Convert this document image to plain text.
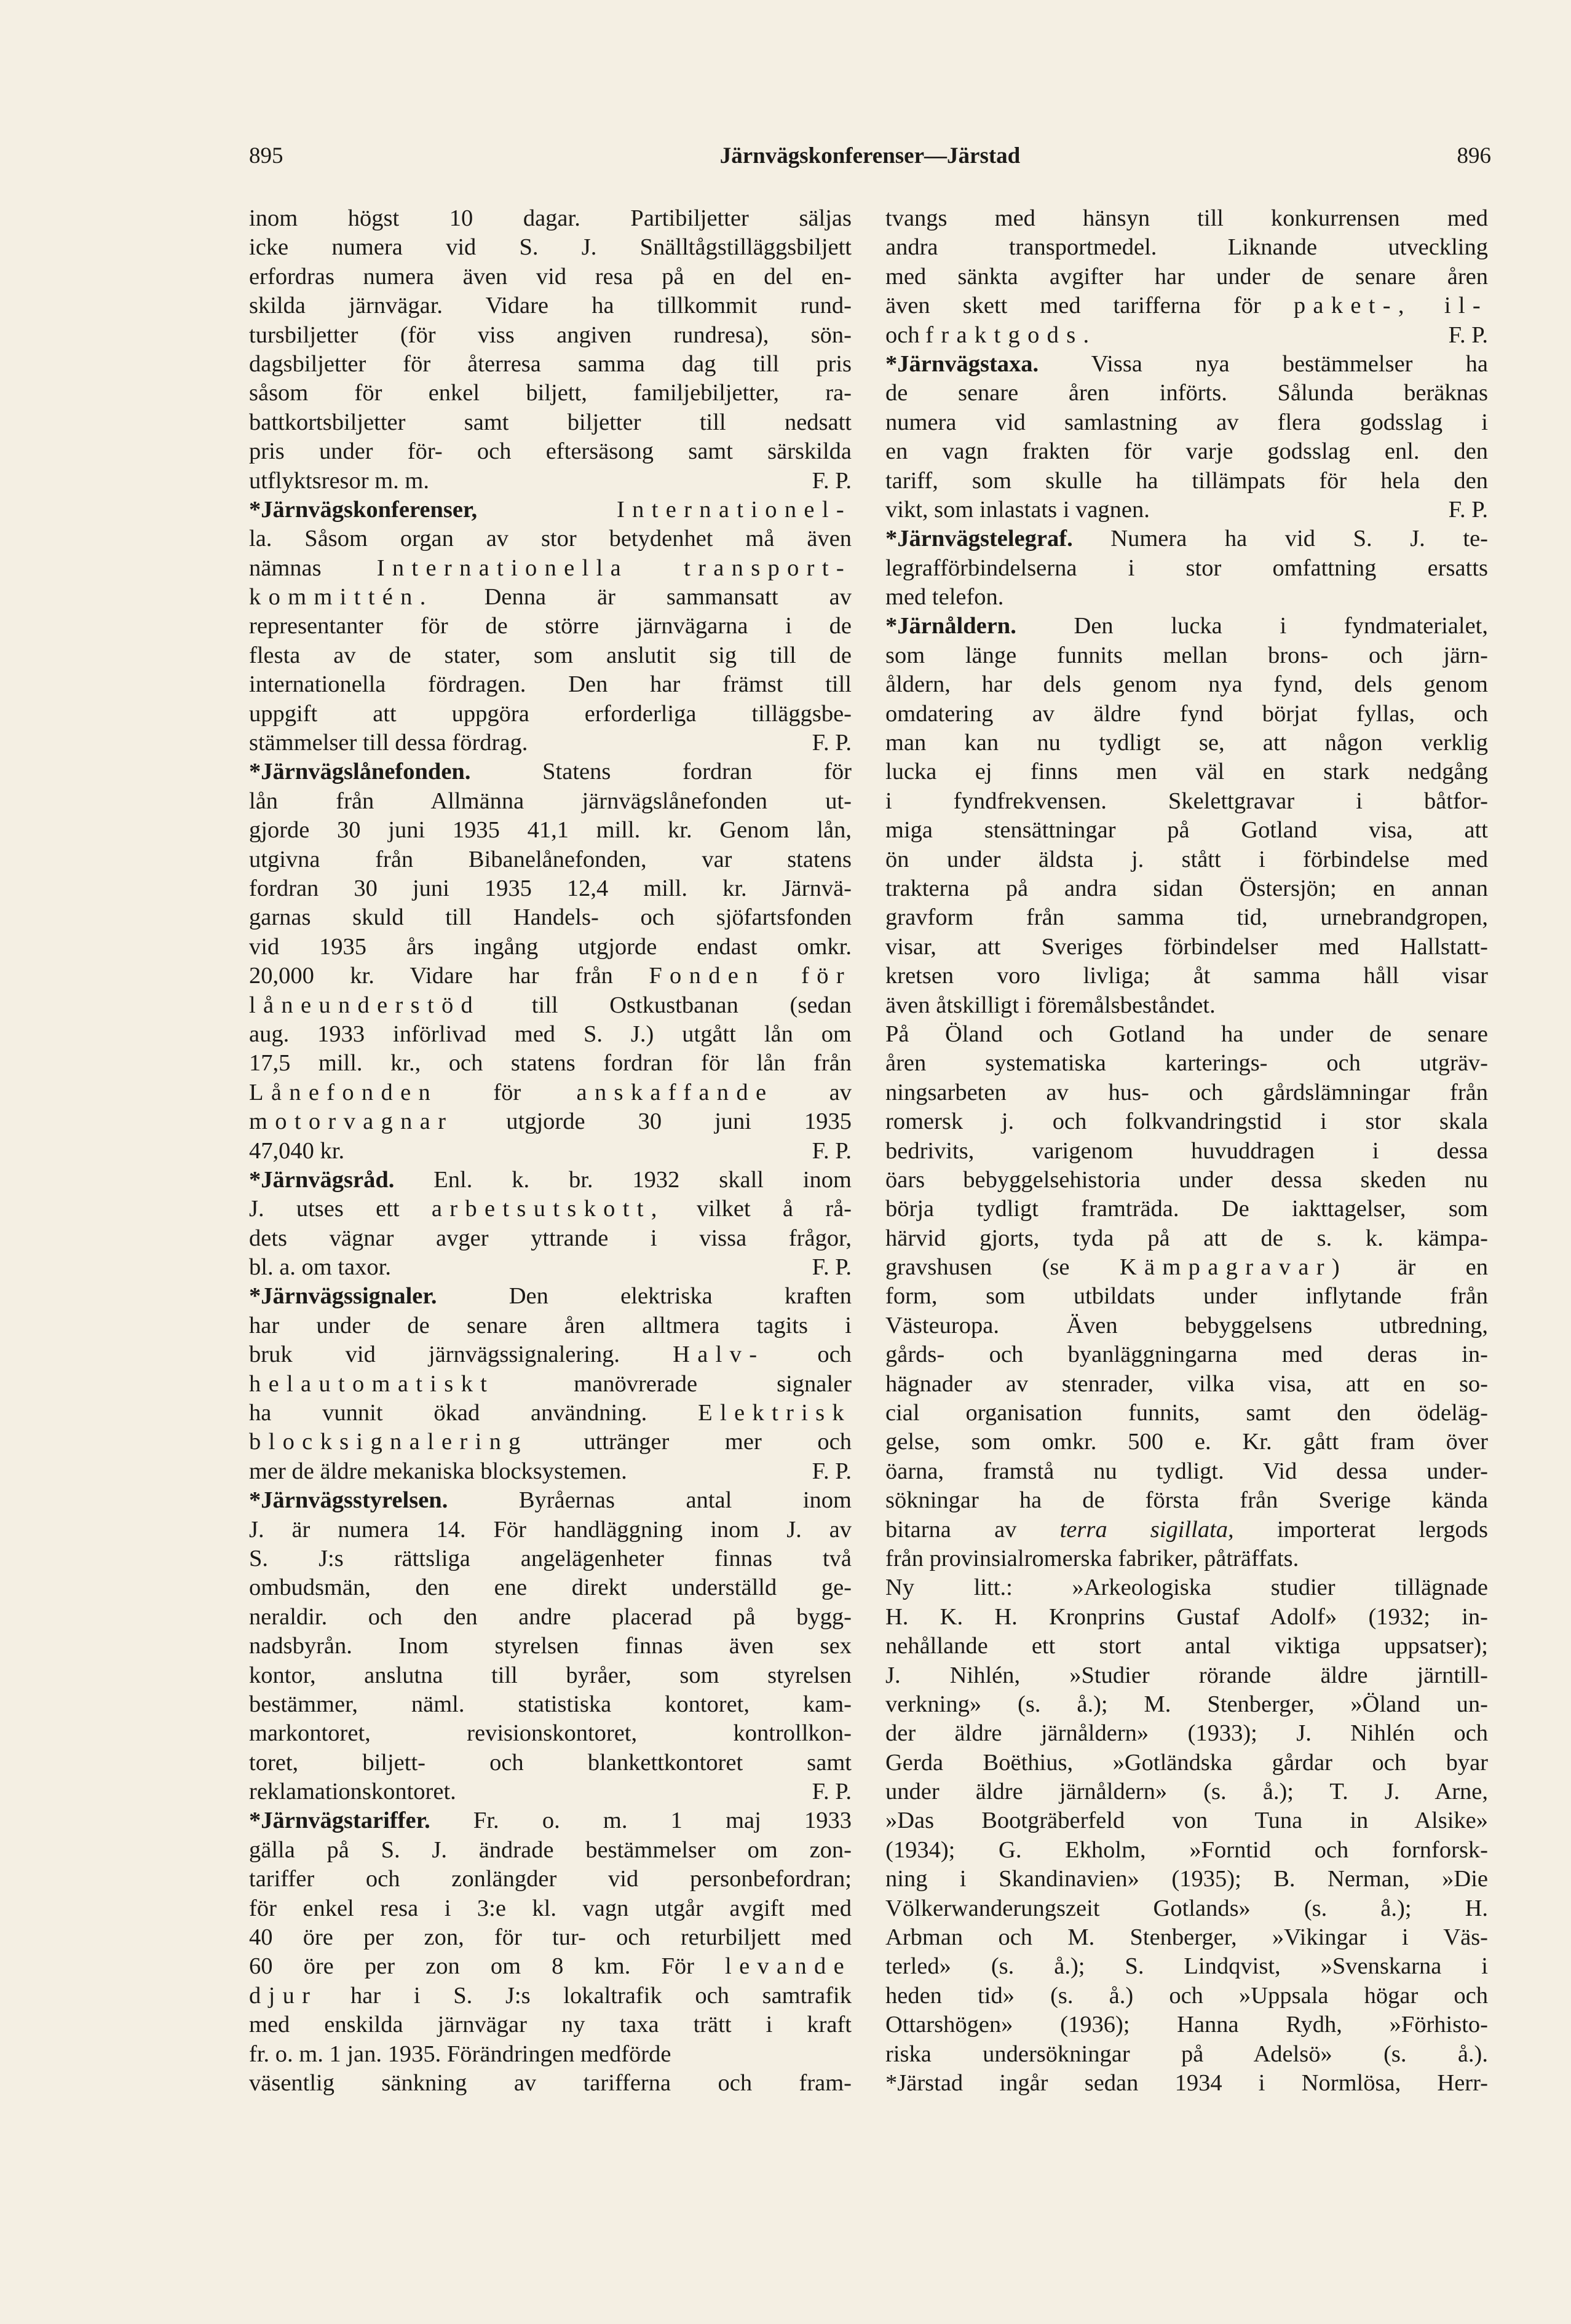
895	Järnvägskonferenser—Järstad	896
inom högst 10 dagar. Partibiljetter säljas
icke numera vid S. J. Snälltågstilläggsbiljett
erfordras numera även vid resa på en del en-
skilda järnvägar. Vidare ha tillkommit rund-
tursbiljetter (för viss angiven rundresa), sön-
dagsbiljetter för återresa samma dag till pris
såsom för enkel biljett, familjebiljetter, ra-
battkortsbiljetter samt biljetter till nedsatt
pris under för- och eftersäsong samt särskilda
utflyktsresor m. m.	F. P.
*Järnvägskonferenser,	Internationel-
la. Såsom organ av stor betydenhet må även
nämnas Internationella transport-
kommittén. Denna är sammansatt av
representanter för de större järnvägarna i de
flesta av de stater, som anslutit sig till de
internationella fördragen. Den har främst till
uppgift att uppgöra erforderliga tilläggsbe-
stämmelser till dessa fördrag.	F. P.
*Järnvägslånefonden. Statens fordran för
lån från Allmänna järnvägslånefonden ut-
gjorde 30 juni 1935 41,1 mill. kr. Genom lån,
utgivna från Bibanelånefonden, var statens
fordran 30 juni 1935 12,4 mill. kr. Järnvä-
garnas skuld till Handels- och sjöfartsfonden
vid 1935 års ingång utgjorde endast omkr.
20,000 kr. Vidare har från Fonden för
låneunderstöd till Ostkustbanan (sedan
aug. 1933 införlivad med S. J.) utgått lån om
17,5 mill. kr., och statens fordran för lån från
Lånefonden för anskaffande av
motorvagnar utgjorde 30 juni 1935
47,040 kr.	F. P.
*Järnvägsråd. Enl. k. br. 1932 skall inom
J. utses ett arbetsutskott, vilket å rå-
dets vägnar avger yttrande i vissa frågor,
bl. a. om taxor.	F. P.
*Järnvägssignaler. Den elektriska kraften
har under de senare åren alltmera tagits i
bruk vid järnvägssignalering. Halv- och
helautomatiskt manövrerade signaler
ha vunnit ökad användning. Elektrisk
blocksignalering uttränger mer och
mer de äldre mekaniska blocksystemen.	F. P.
*Järnvägsstyrelsen. Byråernas antal inom
J. är numera 14. För handläggning inom J. av
S. J:s rättsliga angelägenheter finnas två
ombudsmän, den ene direkt underställd ge-
neraldir. och den andre placerad på bygg-
nadsbyrån. Inom styrelsen finnas även sex
kontor, anslutna till byråer, som styrelsen
bestämmer, näml. statistiska kontoret, kam-
markontoret, revisionskontoret, kontrollkon-
toret, biljett- och blankettkontoret samt
reklamationskontoret.	F. P.
*Järnvägstariffer. Fr. o. m. 1 maj 1933
gälla på S. J. ändrade bestämmelser om zon-
tariffer och zonlängder vid personbefordran;
för enkel resa i 3:e kl. vagn utgår avgift med
40 öre per zon, för tur- och returbiljett med
60 öre per zon om 8 km. För levande
djur har i S. J:s lokaltrafik och samtrafik
med enskilda järnvägar ny taxa trätt i kraft
fr. o. m. 1 jan. 1935. Förändringen medförde
väsentlig sänkning av tarifferna och fram-
tvangs med hänsyn till konkurrensen med
andra transportmedel. Liknande utveckling
med sänkta avgifter har under de senare åren
även skett med tarifferna för paket-, il-
och fraktgods.	F. P.
*Järnvägstaxa. Vissa nya bestämmelser ha
de senare åren införts. Sålunda beräknas
numera vid samlastning av flera godsslag i
en vagn frakten för varje godsslag enl. den
tariff, som skulle ha tillämpats för hela den
vikt, som inlastats i vagnen.	F. P.
*Järnvägstelegraf. Numera ha vid S. J. te-
legrafförbindelserna i stor omfattning ersatts
med telefon.
*Järnåldern. Den lucka i fyndmaterialet,
som länge funnits mellan brons- och järn-
åldern, har dels genom nya fynd, dels genom
omdatering av äldre fynd börjat fyllas, och
man kan nu tydligt se, att någon verklig
lucka ej finns men väl en stark nedgång
i fyndfrekvensen. Skelettgravar i båtfor-
miga stensättningar på Gotland visa, att
ön under äldsta j. stått i förbindelse med
trakterna på andra sidan Östersjön; en annan
gravform från samma tid, urnebrandgropen,
visar, att Sveriges förbindelser med Hallstatt-
kretsen voro livliga; åt samma håll visar
även åtskilligt i föremålsbeståndet.
På Öland och Gotland ha under de senare
åren systematiska karterings- och utgräv-
ningsarbeten av hus- och gårdslämningar från
romersk j. och folkvandringstid i stor skala
bedrivits, varigenom huvuddragen i dessa
öars bebyggelsehistoria under dessa skeden nu
börja tydligt framträda. De iakttagelser, som
härvid gjorts, tyda på att de s. k. kämpa-
gravshusen (se Kämpagravar) är en
form, som utbildats under inflytande från
Västeuropa. Även bebyggelsens utbredning,
gårds- och byanläggningarna med deras in-
hägnader av stenrader, vilka visa, att en so-
cial organisation funnits, samt den ödeläg-
gelse, som omkr. 500 e. Kr. gått fram över
öarna, framstå nu tydligt. Vid dessa under-
sökningar ha de första från Sverige kända
bitarna av terra sigillata, importerat lergods
från provinsialromerska fabriker, påträffats.
Ny litt.: »Arkeologiska studier tillägnade
H. K. H. Kronprins Gustaf Adolf» (1932; in-
nehållande ett stort antal viktiga uppsatser);
J. Nihlén, »Studier rörande äldre järntill-
verkning» (s. å.); M. Stenberger, »Öland un-
der äldre järnåldern» (1933); J. Nihlén och
Gerda Boëthius, »Gotländska gårdar och byar
under äldre järnåldern» (s. å.); T. J. Arne,
»Das Bootgräberfeld von Tuna in Alsike»
(1934); G. Ekholm, »Forntid och fornforsk-
ning i Skandinavien» (1935); B. Nerman, »Die
Völkerwanderungszeit Gotlands» (s. å.); H.
Arbman och M. Stenberger, »Vikingar i Väs-
terled» (s. å.); S. Lindqvist, »Svenskarna i
heden tid» (s. å.) och »Uppsala högar och
Ottarshögen» (1936); Hanna Rydh, »Förhisto-
riska undersökningar på Adelsö» (s. å.).
*Järstad ingår sedan 1934 i Normlösa, Herr-
